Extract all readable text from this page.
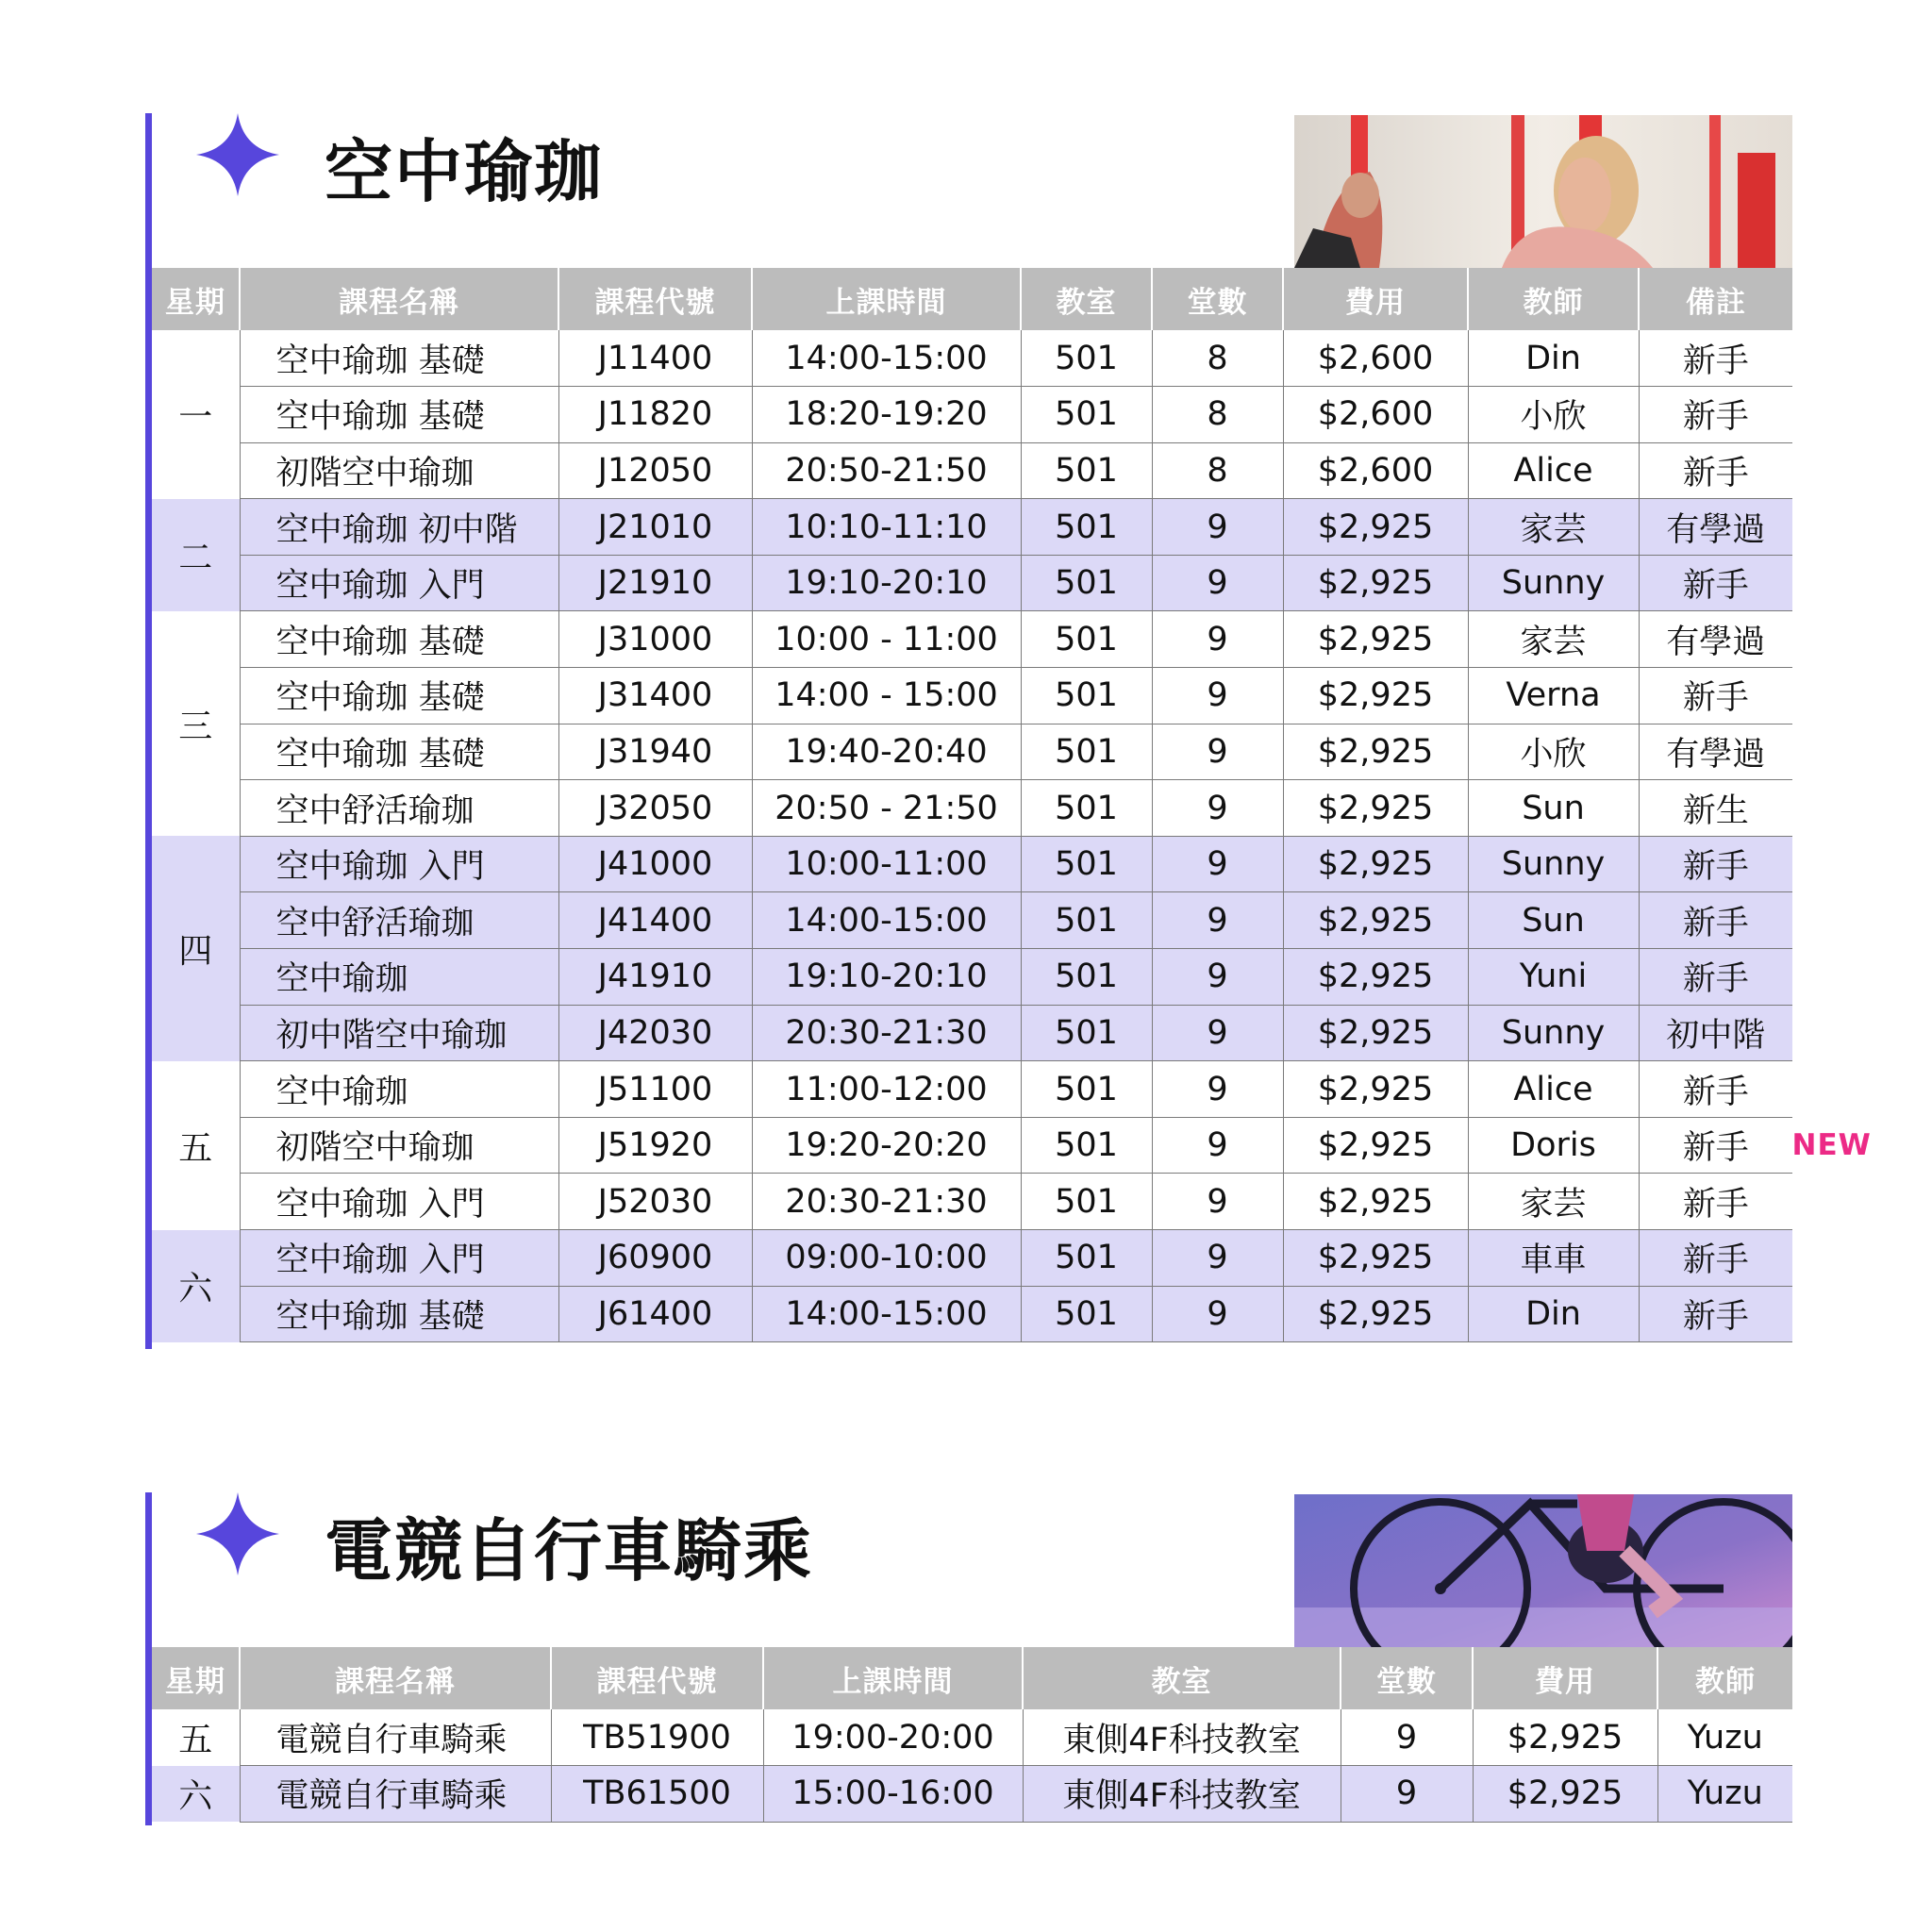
空中瑜珈
星期	課程名稱	課程代號	上課時間	教室	堂數	費用	教師	備註
一	空中瑜珈 基礎	J11400	14:00-15:00	501	8	$2,600	Din	新手
	空中瑜珈 基礎	J11820	18:20-19:20	501	8	$2,600	小欣	新手
	初階空中瑜珈	J12050	20:50-21:50	501	8	$2,600	Alice	新手
二	空中瑜珈 初中階	J21010	10:10-11:10	501	9	$2,925	家芸	有學過
	空中瑜珈 入門	J21910	19:10-20:10	501	9	$2,925	Sunny	新手
三	空中瑜珈 基礎	J31000	10:00 - 11:00	501	9	$2,925	家芸	有學過
	空中瑜珈 基礎	J31400	14:00 - 15:00	501	9	$2,925	Verna	新手
	空中瑜珈 基礎	J31940	19:40-20:40	501	9	$2,925	小欣	有學過
	空中舒活瑜珈	J32050	20:50 - 21:50	501	9	$2,925	Sun	新生
四	空中瑜珈 入門	J41000	10:00-11:00	501	9	$2,925	Sunny	新手
	空中舒活瑜珈	J41400	14:00-15:00	501	9	$2,925	Sun	新手
	空中瑜珈	J41910	19:10-20:10	501	9	$2,925	Yuni	新手
	初中階空中瑜珈	J42030	20:30-21:30	501	9	$2,925	Sunny	初中階
五	空中瑜珈	J51100	11:00-12:00	501	9	$2,925	Alice	新手
	初階空中瑜珈	J51920	19:20-20:20	501	9	$2,925	Doris	新手 NEW

	空中瑜珈 入門	J52030	20:30-21:30	501	9	$2,925	家芸	新手
六	空中瑜珈 入門	J60900	09:00-10:00	501	9	$2,925	車車	新手
	空中瑜珈 基礎	J61400	14:00-15:00	501	9	$2,925	Din	新手
電競自行車騎乘
星期	課程名稱	課程代號	上課時間	教室	堂數	費用	教師
五	電競自行車騎乘	TB51900	19:00-20:00	東側4F科技教室	9	$2,925	Yuzu
六	電競自行車騎乘	TB61500	15:00-16:00	東側4F科技教室	9	$2,925	Yuzu
